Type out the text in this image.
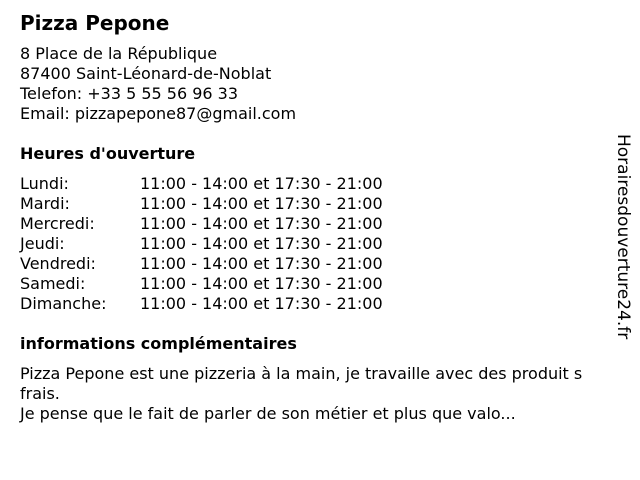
Pizza Pepone
8 Place de la République
87400 Saint-Léonard-de-Noblat
Telefon: +33 5 55 56 96 33
Email: pizzapepone87@gmail.com
Heures d'ouverture
Lundi:	11:00 - 14:00 et 17:30 - 21:00
Mardi:	11:00 - 14:00 et 17:30 - 21:00
Mercredi:	11:00 - 14:00 et 17:30 - 21:00
Jeudi:	11:00 - 14:00 et 17:30 - 21:00
Vendredi:	11:00 - 14:00 et 17:30 - 21:00
Samedi:	11:00 - 14:00 et 17:30 - 21:00
Dimanche:	11:00 - 14:00 et 17:30 - 21:00
informations complémentaires

Pizza Pepone est une pizzeria à la main, je travaille avec des produit s frais.

Je pense que le fait de parler de son métier et plus que valo...

Horairesdouverture24.fr
